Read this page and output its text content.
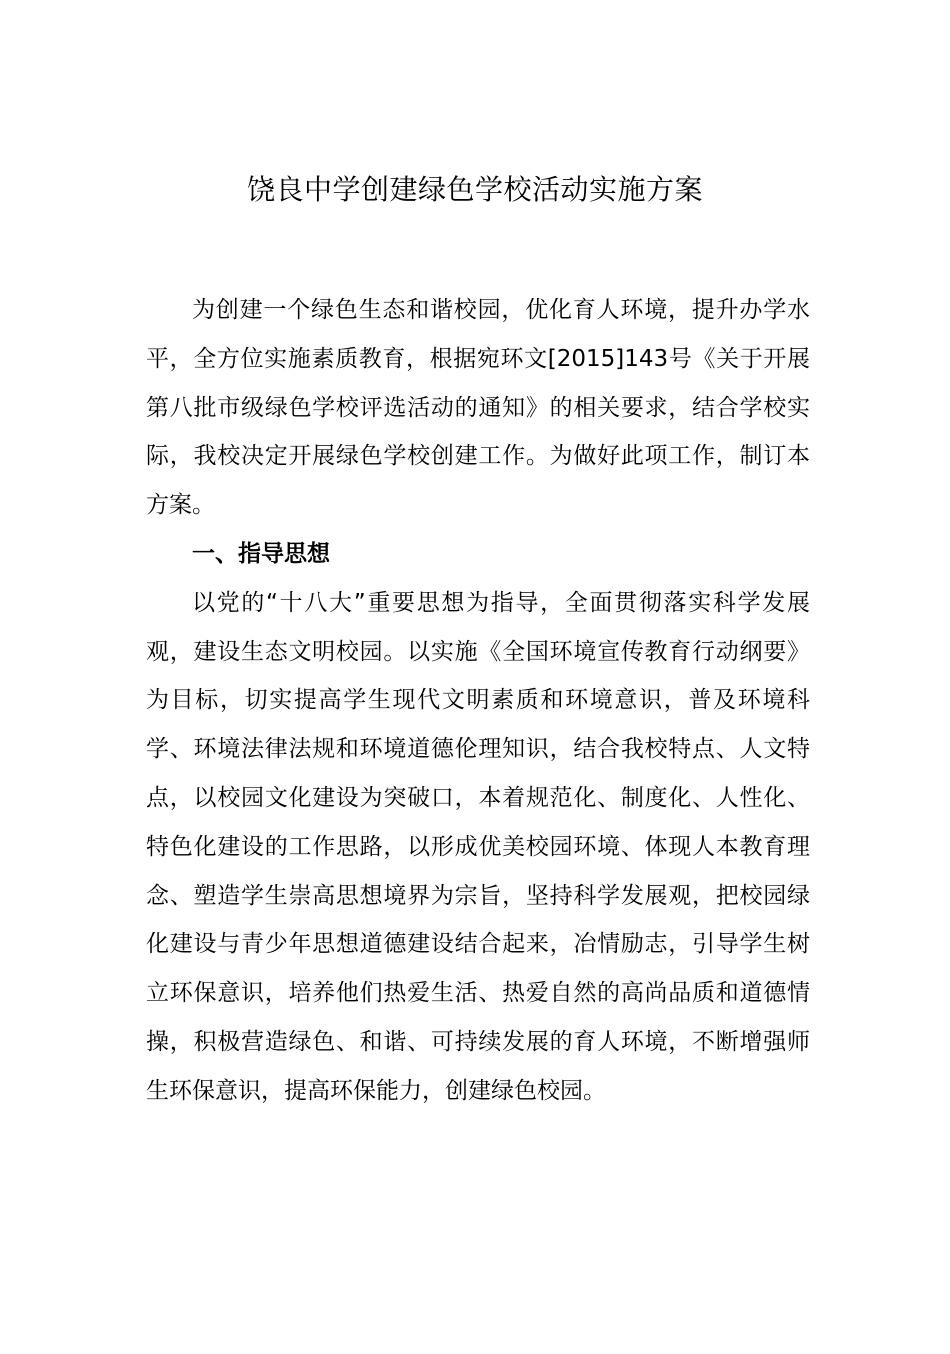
饶良中学创建绿色学校活动实施方案

为创建一个绿色生态和谐校园，优化育人环境，提升办学水平，全方位实施素质教育，根据宛环文[2015]143号《关于开展第八批市级绿色学校评选活动的通知》的相关要求，结合学校实际，我校决定开展绿色学校创建工作。为做好此项工作，制订本方案。

一、指导思想

以党的“十八大”重要思想为指导，全面贯彻落实科学发展观，建设生态文明校园。以实施《全国环境宣传教育行动纲要》为目标，切实提高学生现代文明素质和环境意识，普及环境科学、环境法律法规和环境道德伦理知识，结合我校特点、人文特点，以校园文化建设为突破口，本着规范化、制度化、人性化、特色化建设的工作思路，以形成优美校园环境、体现人本教育理念、塑造学生崇高思想境界为宗旨，坚持科学发展观，把校园绿化建设与青少年思想道德建设结合起来，冶情励志，引导学生树立环保意识，培养他们热爱生活、热爱自然的高尚品质和道德情操，积极营造绿色、和谐、可持续发展的育人环境，不断增强师生环保意识，提高环保能力，创建绿色校园。
